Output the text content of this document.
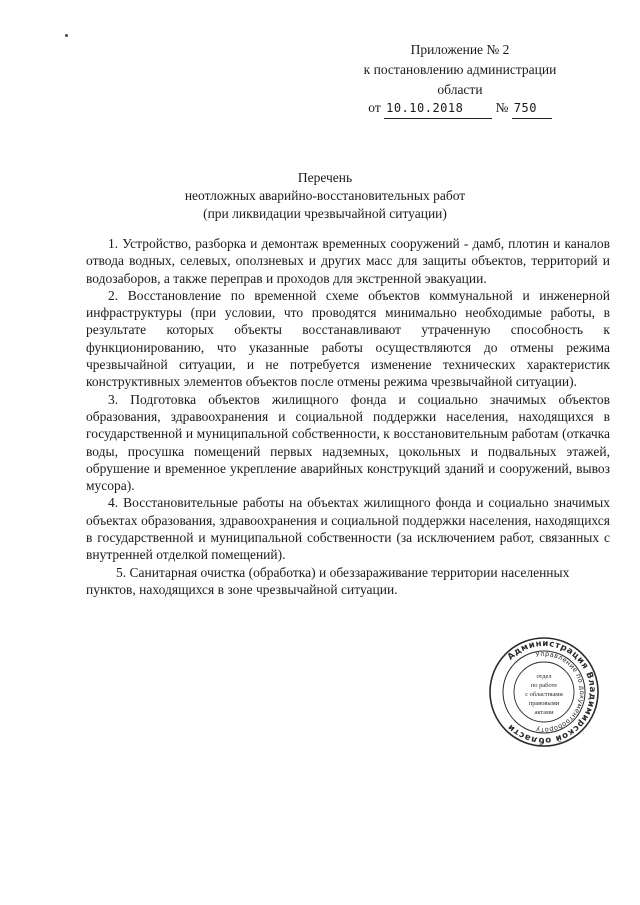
Приложение № 2
к постановлению администрации
области
от 10.10.2018 № 750
Перечень
неотложных аварийно-восстановительных работ
(при ликвидации чрезвычайной ситуации)

1. Устройство, разборка и демонтаж временных сооружений - дамб, плотин и каналов отвода водных, селевых, оползневых и других масс для защиты объектов, территорий и водозаборов, а также переправ и проходов для экстренной эвакуации.

2. Восстановление по временной схеме объектов коммунальной и инженерной инфраструктуры (при условии, что проводятся минимально необходимые работы, в результате которых объекты восстанавливают утраченную способность к функционированию, что указанные работы осуществляются до отмены режима чрезвычайной ситуации, и не потребуется изменение технических характеристик конструктивных элементов объектов после отмены режима чрезвычайной ситуации).

3. Подготовка объектов жилищного фонда и социально значимых объектов образования, здравоохранения и социальной поддержки населения, находящихся в государственной и муниципальной собственности, к восстановительным работам (откачка воды, просушка помещений первых надземных, цокольных и подвальных этажей, обрушение и временное укрепление аварийных конструкций зданий и сооружений, вывоз мусора).

4. Восстановительные работы на объектах жилищного фонда и социально значимых объектах образования, здравоохранения и социальной поддержки населения, находящихся в государственной и муниципальной собственности (за исключением работ, связанных с внутренней отделкой помещений).

5. Санитарная очистка (обработка) и обеззараживание территории населенных пунктов, находящихся в зоне чрезвычайной ситуации.

Администрация Владимирской области
Управление по документообороту
отдел
по работе
с областными
правовыми
актами
